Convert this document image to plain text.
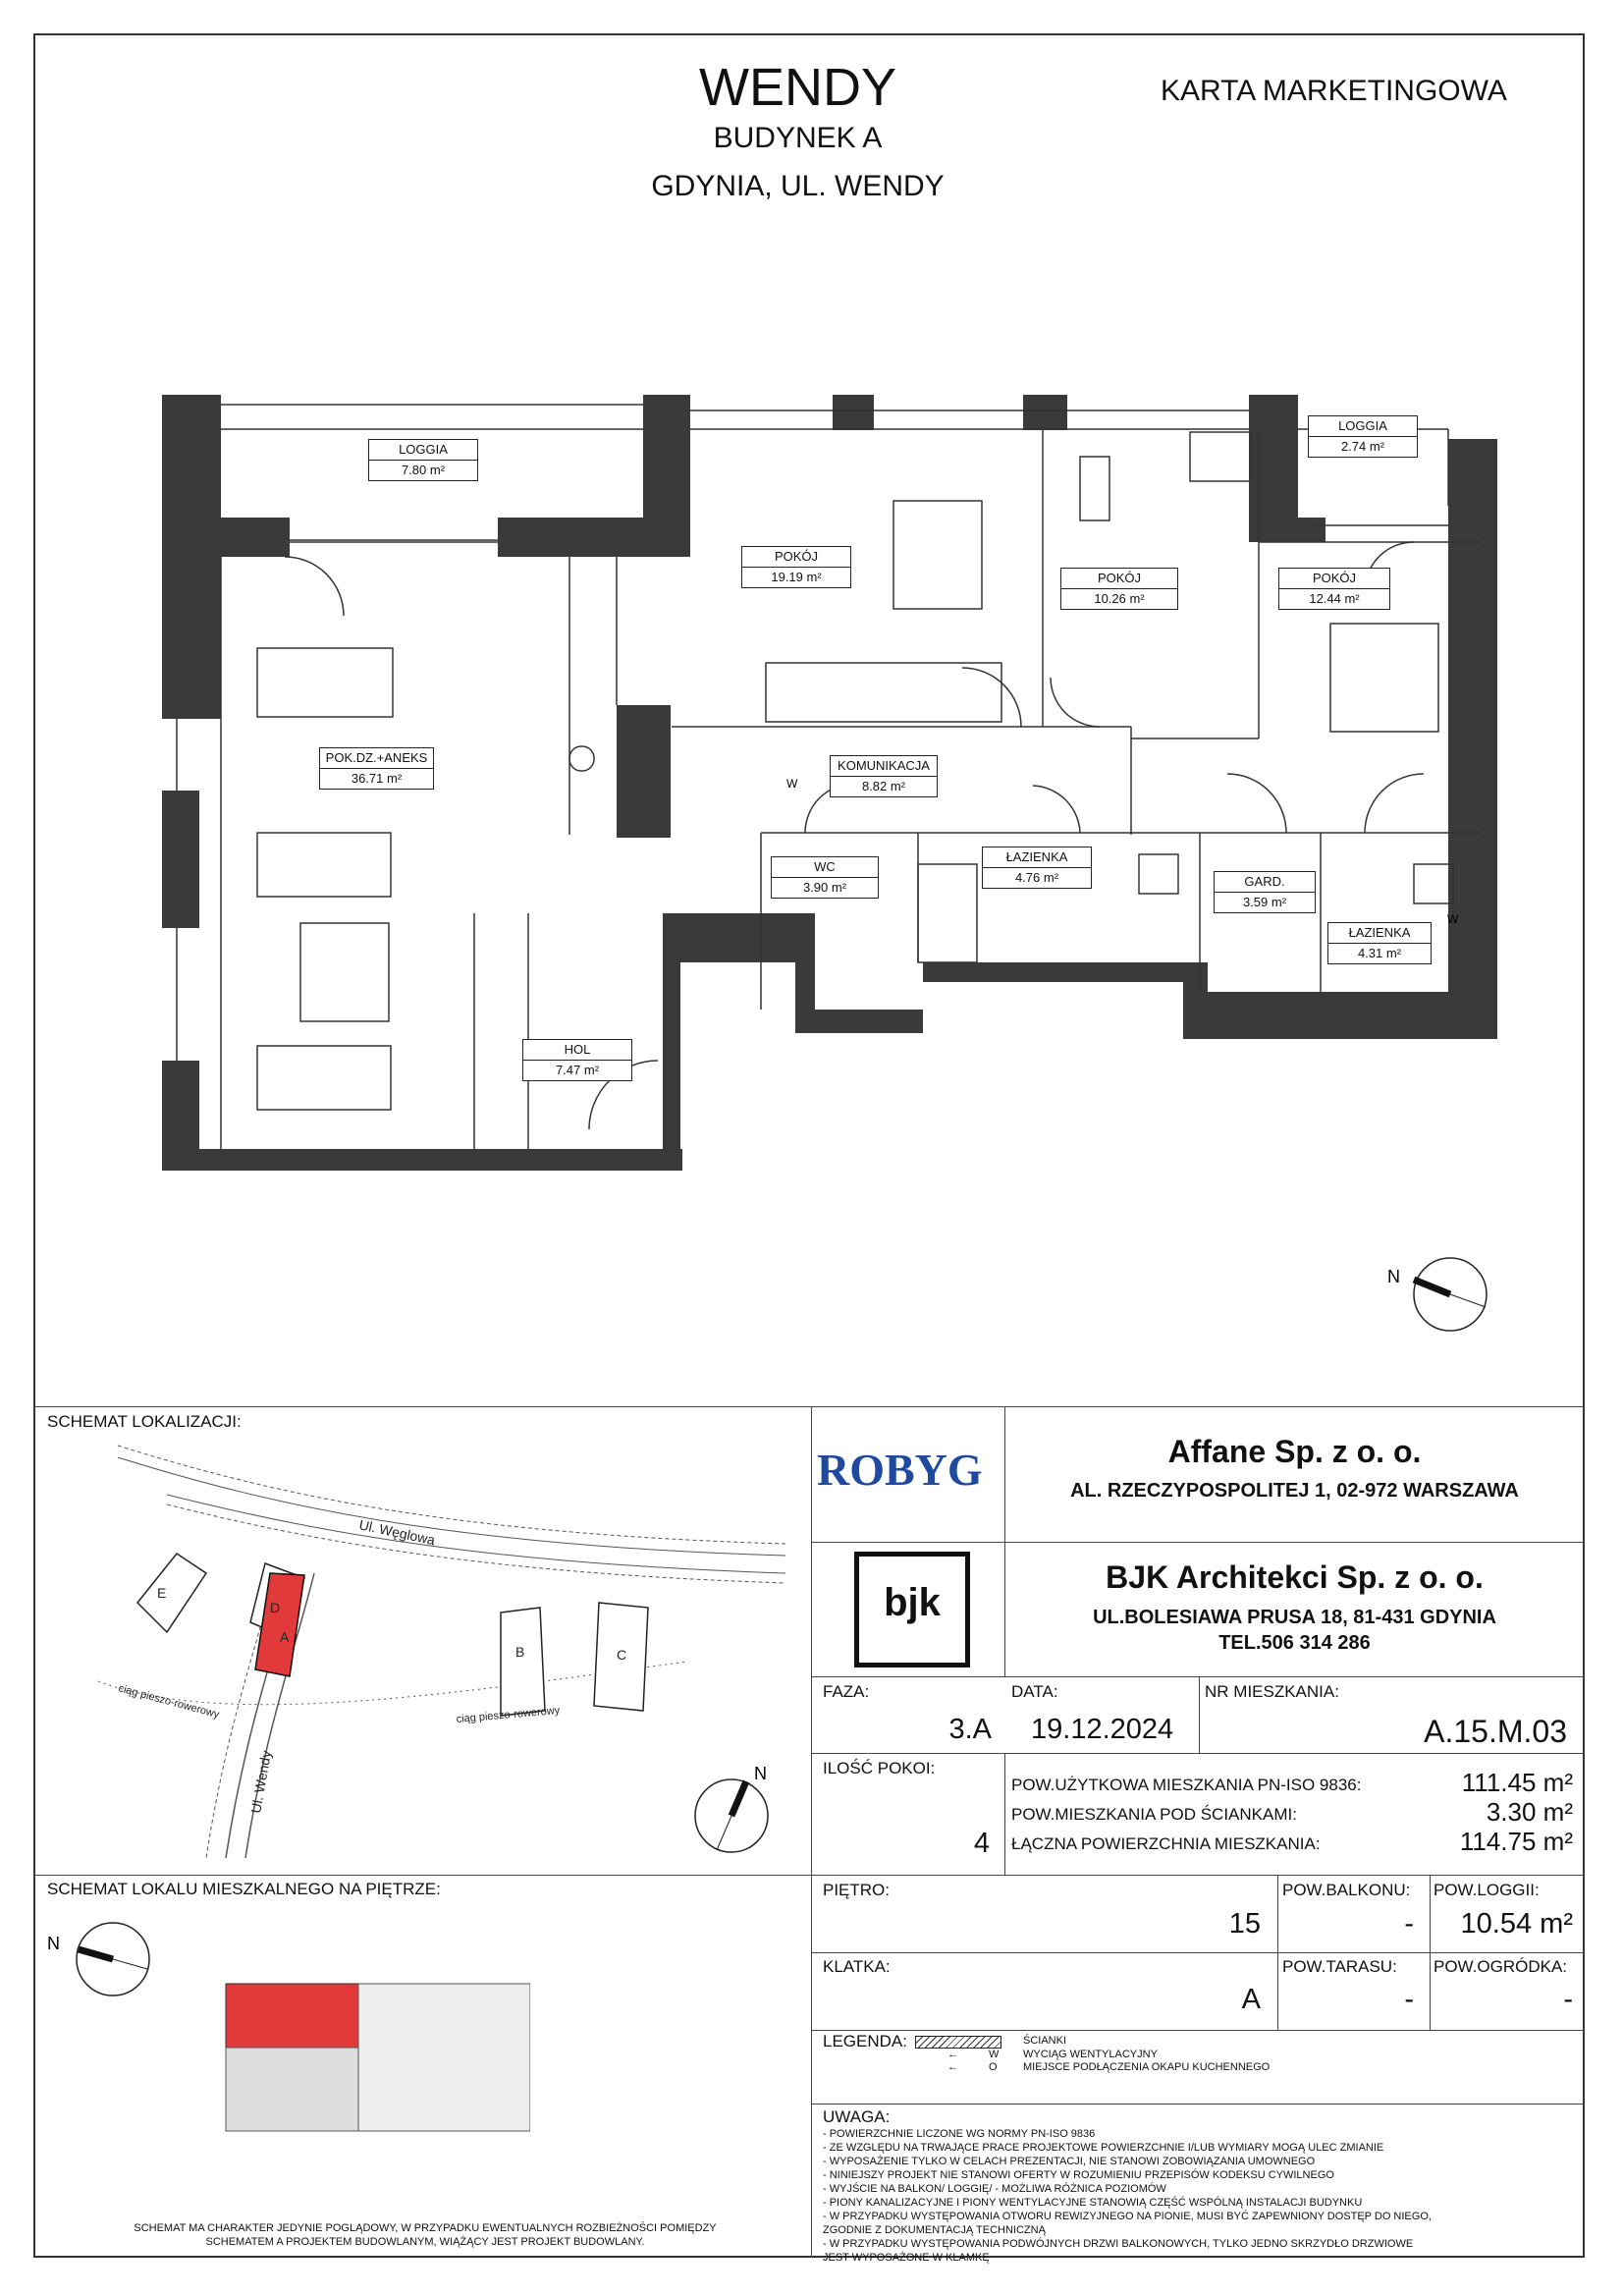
WENDY
BUDYNEK A
GDYNIA, UL. WENDY
KARTA MARKETINGOWA
N
W
W
LOGGIA
7.80 m²
POKÓJ
19.19 m²	POKÓJ
10.26 m²
LOGGIA
2.74 m²
POKÓJ
12.44 m²
POK.DZ.+ANEKS
36.71 m²
KOMUNIKACJA
8.82 m²
WC
3.90 m²
ŁAZIENKA
4.76 m²	GARD.
3.59 m²
ŁAZIENKA
4.31 m²
HOL
7.47 m²
SCHEMAT LOKALIZACJI:
E
D
A
B	C
Ul. Węglowa
Ul. Wendy
ciąg pieszo-rowerowy	ciąg pieszo-rowerowy
N
SCHEMAT LOKALU MIESZKALNEGO NA PIĘTRZE:
N
SCHEMAT MA CHARAKTER JEDYNIE POGLĄDOWY, W PRZYPADKU EWENTUALNYCH ROZBIEŻNOŚCI POMIĘDZY
SCHEMATEM A PROJEKTEM BUDOWLANYM, WIĄŻĄCY JEST PROJEKT BUDOWLANY.
ROBYG	Affane Sp. z o. o.
AL. RZECZYPOSPOLITEJ 1, 02-972 WARSZAWA
bjk
BJK Architekci Sp. z o. o.
UL.BOLESIAWA PRUSA 18, 81-431 GDYNIA
TEL.506 314 286
FAZA:
3.A
DATA:
19.12.2024
NR MIESZKANIA:
A.15.M.03
ILOŚĆ POKOI:
4
POW.UŻYTKOWA MIESZKANIA PN-ISO 9836:	111.45 m²
POW.MIESZKANIA POD ŚCIANKAMI:	3.30 m²
ŁĄCZNA POWIERZCHNIA MIESZKANIA:	114.75 m²
PIĘTRO:
15
POW.BALKONU:
-
POW.LOGGII:
10.54 m²
KLATKA:
A
POW.TARASU:
-
POW.OGRÓDKA:
-
LEGENDA:	ŚCIANKI
←	W WYCIĄG WENTYLACYJNY
←	O MIEJSCE PODŁĄCZENIA OKAPU KUCHENNEGO
UWAGA:
- POWIERZCHNIE LICZONE WG NORMY PN-ISO 9836
- ZE WZGLĘDU NA TRWAJĄCE PRACE PROJEKTOWE POWIERZCHNIE I/LUB WYMIARY MOGĄ ULEC ZMIANIE
- WYPOSAŻENIE TYLKO W CELACH PREZENTACJI, NIE STANOWI ZOBOWIĄZANIA UMOWNEGO
- NINIEJSZY PROJEKT NIE STANOWI OFERTY W ROZUMIENIU PRZEPISÓW KODEKSU CYWILNEGO
- WYJŚCIE NA BALKON/ LOGGIĘ/ - MOŻLIWA RÓŻNICA POZIOMÓW
- PIONY KANALIZACYJNE I PIONY WENTYLACYJNE STANOWIĄ CZĘŚĆ WSPÓLNĄ INSTALACJI BUDYNKU
- W PRZYPADKU WYSTĘPOWANIA OTWORU REWIZYJNEGO NA PIONIE, MUSI BYĆ ZAPEWNIONY DOSTĘP DO NIEGO,
ZGODNIE Z DOKUMENTACJĄ TECHNICZNĄ
- W PRZYPADKU WYSTĘPOWANIA PODWÓJNYCH DRZWI BALKONOWYCH, TYLKO JEDNO SKRZYDŁO DRZWIOWE
JEST WYPOSAŻONE W KLAMKĘ
